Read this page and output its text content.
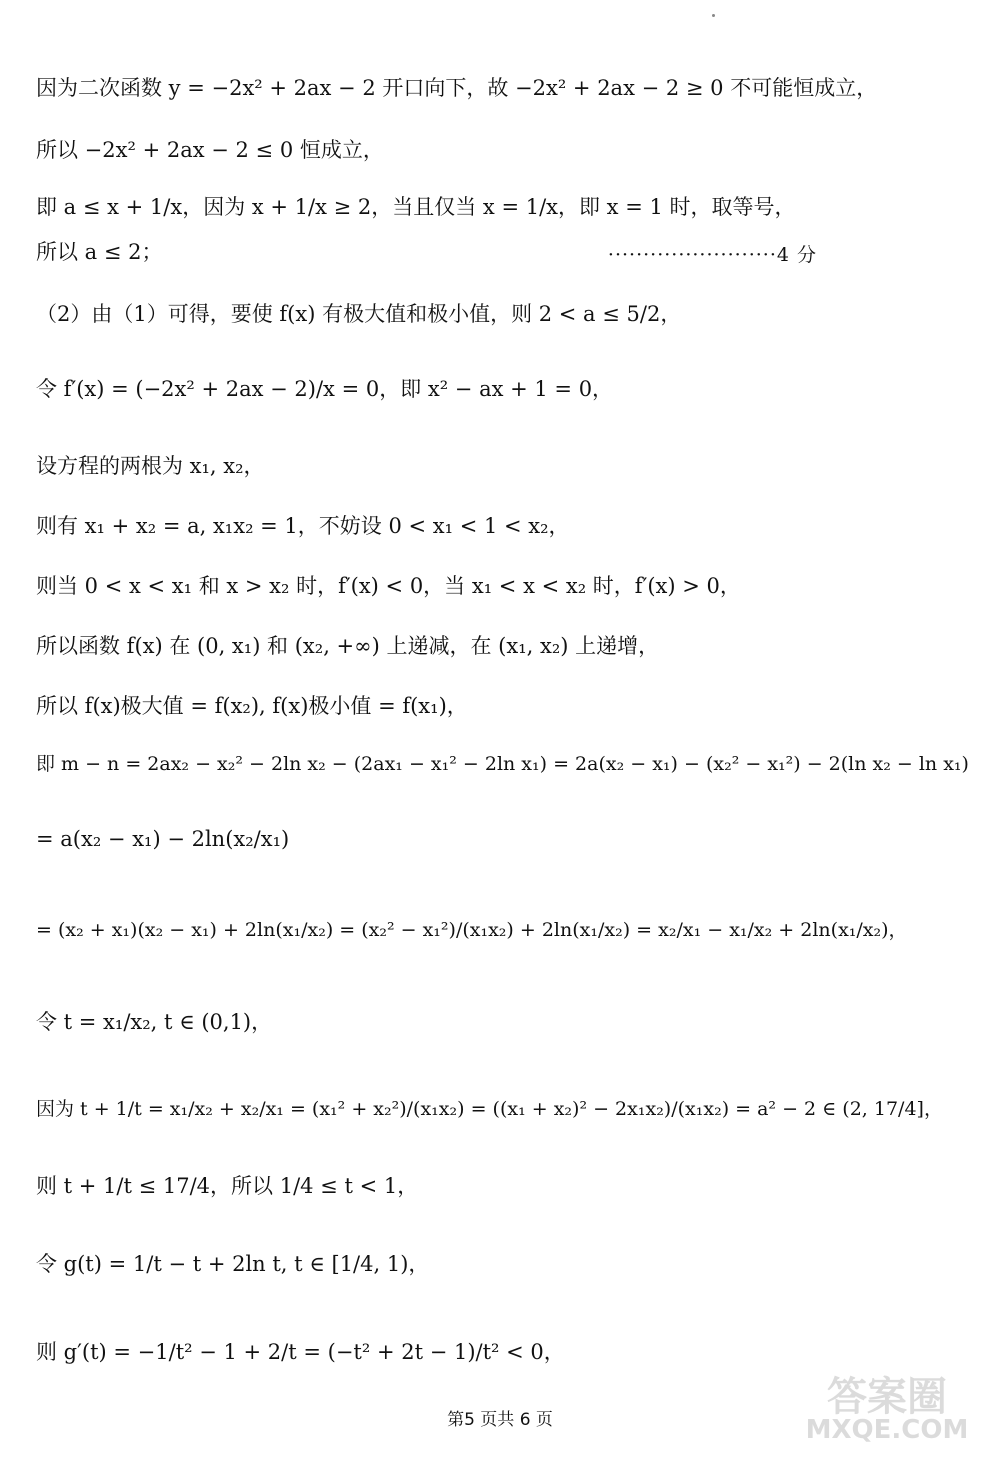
因为二次函数 y = −2x² + 2ax − 2 开口向下，故 −2x² + 2ax − 2 ≥ 0 不可能恒成立，
所以 −2x² + 2ax − 2 ≤ 0 恒成立，
即 a ≤ x + 1/x，因为 x + 1/x ≥ 2，当且仅当 x = 1/x，即 x = 1 时，取等号，
所以 a ≤ 2；	························4 分
（2）由（1）可得，要使 f(x) 有极大值和极小值，则 2 < a ≤ 5/2，
令 f′(x) = (−2x² + 2ax − 2)/x = 0，即 x² − ax + 1 = 0，
设方程的两根为 x₁, x₂，
则有 x₁ + x₂ = a, x₁x₂ = 1，不妨设 0 < x₁ < 1 < x₂，
则当 0 < x < x₁ 和 x > x₂ 时，f′(x) < 0，当 x₁ < x < x₂ 时，f′(x) > 0，
所以函数 f(x) 在 (0, x₁) 和 (x₂, +∞) 上递减，在 (x₁, x₂) 上递增，
所以 f(x)极大值 = f(x₂), f(x)极小值 = f(x₁)，
即 m − n = 2ax₂ − x₂² − 2ln x₂ − (2ax₁ − x₁² − 2ln x₁) = 2a(x₂ − x₁) − (x₂² − x₁²) − 2(ln x₂ − ln x₁)
= a(x₂ − x₁) − 2ln(x₂/x₁)
= (x₂ + x₁)(x₂ − x₁) + 2ln(x₁/x₂) = (x₂² − x₁²)/(x₁x₂) + 2ln(x₁/x₂) = x₂/x₁ − x₁/x₂ + 2ln(x₁/x₂)，
令 t = x₁/x₂, t ∈ (0,1)，
因为 t + 1/t = x₁/x₂ + x₂/x₁ = (x₁² + x₂²)/(x₁x₂) = ((x₁ + x₂)² − 2x₁x₂)/(x₁x₂) = a² − 2 ∈ (2, 17/4]，
则 t + 1/t ≤ 17/4，所以 1/4 ≤ t < 1，
令 g(t) = 1/t − t + 2ln t, t ∈ [1/4, 1)，
则 g′(t) = −1/t² − 1 + 2/t = (−t² + 2t − 1)/t² < 0，
第5 页共 6 页	答案圈
MXQE.COM
